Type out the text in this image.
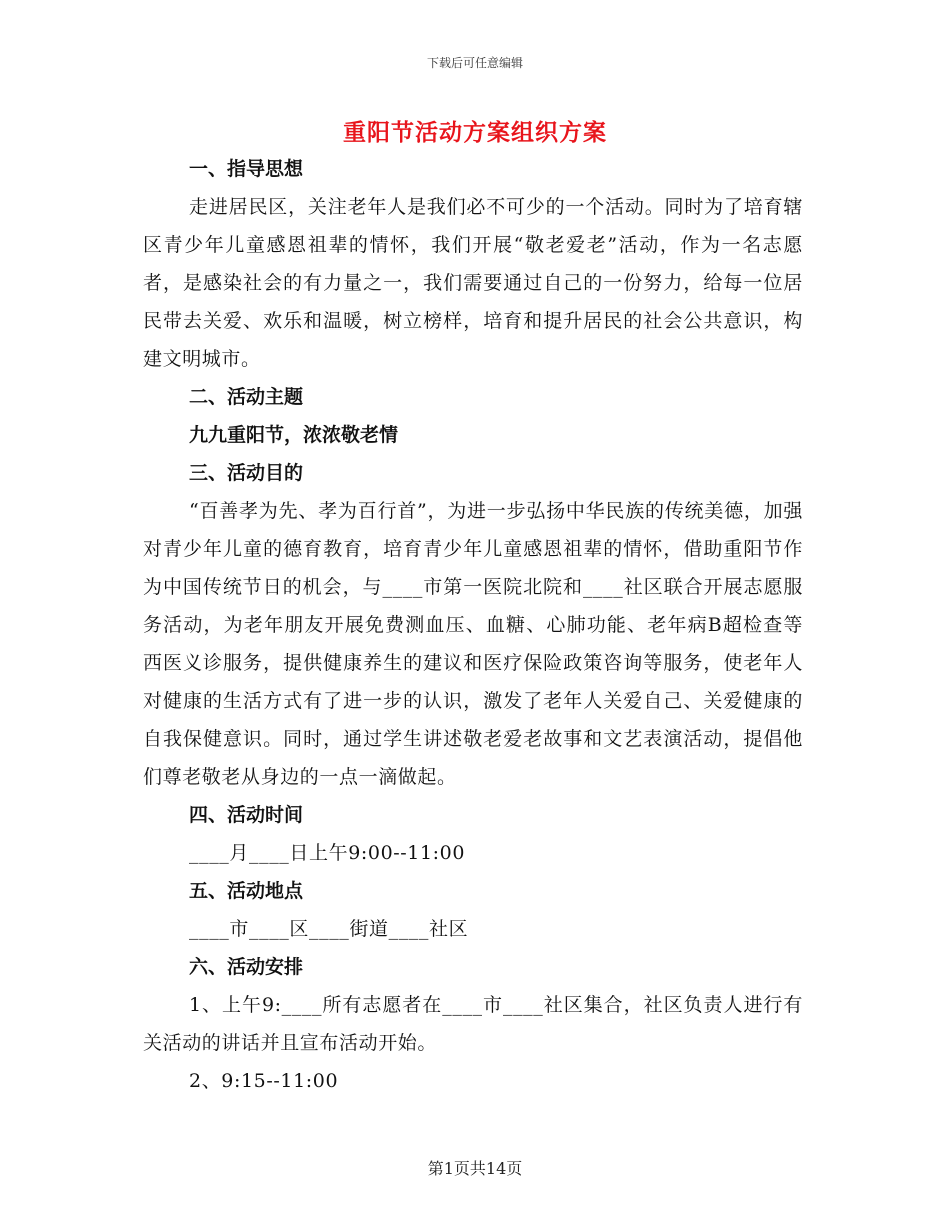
下载后可任意编辑
重阳节活动方案组织方案

一、指导思想

走进居民区，关注老年人是我们必不可少的一个活动。同时为了培育辖区青少年儿童感恩祖辈的情怀，我们开展“敬老爱老”活动，作为一名志愿者，是感染社会的有力量之一，我们需要通过自己的一份努力，给每一位居民带去关爱、欢乐和温暖，树立榜样，培育和提升居民的社会公共意识，构建文明城市。

二、活动主题

九九重阳节，浓浓敬老情

三、活动目的

“百善孝为先、孝为百行首”，为进一步弘扬中华民族的传统美德，加强对青少年儿童的德育教育，培育青少年儿童感恩祖辈的情怀，借助重阳节作为中国传统节日的机会，与____市第一医院北院和____社区联合开展志愿服务活动，为老年朋友开展免费测血压、血糖、心肺功能、老年病B超检查等西医义诊服务，提供健康养生的建议和医疗保险政策咨询等服务，使老年人对健康的生活方式有了进一步的认识，激发了老年人关爱自己、关爱健康的自我保健意识。同时，通过学生讲述敬老爱老故事和文艺表演活动，提倡他们尊老敬老从身边的一点一滴做起。

四、活动时间

____月____日上午9:00--11:00

五、活动地点

____市____区____街道____社区

六、活动安排

1、上午9:____所有志愿者在____市____社区集合，社区负责人进行有关活动的讲话并且宣布活动开始。

2、9:15--11:00

第1页共14页
